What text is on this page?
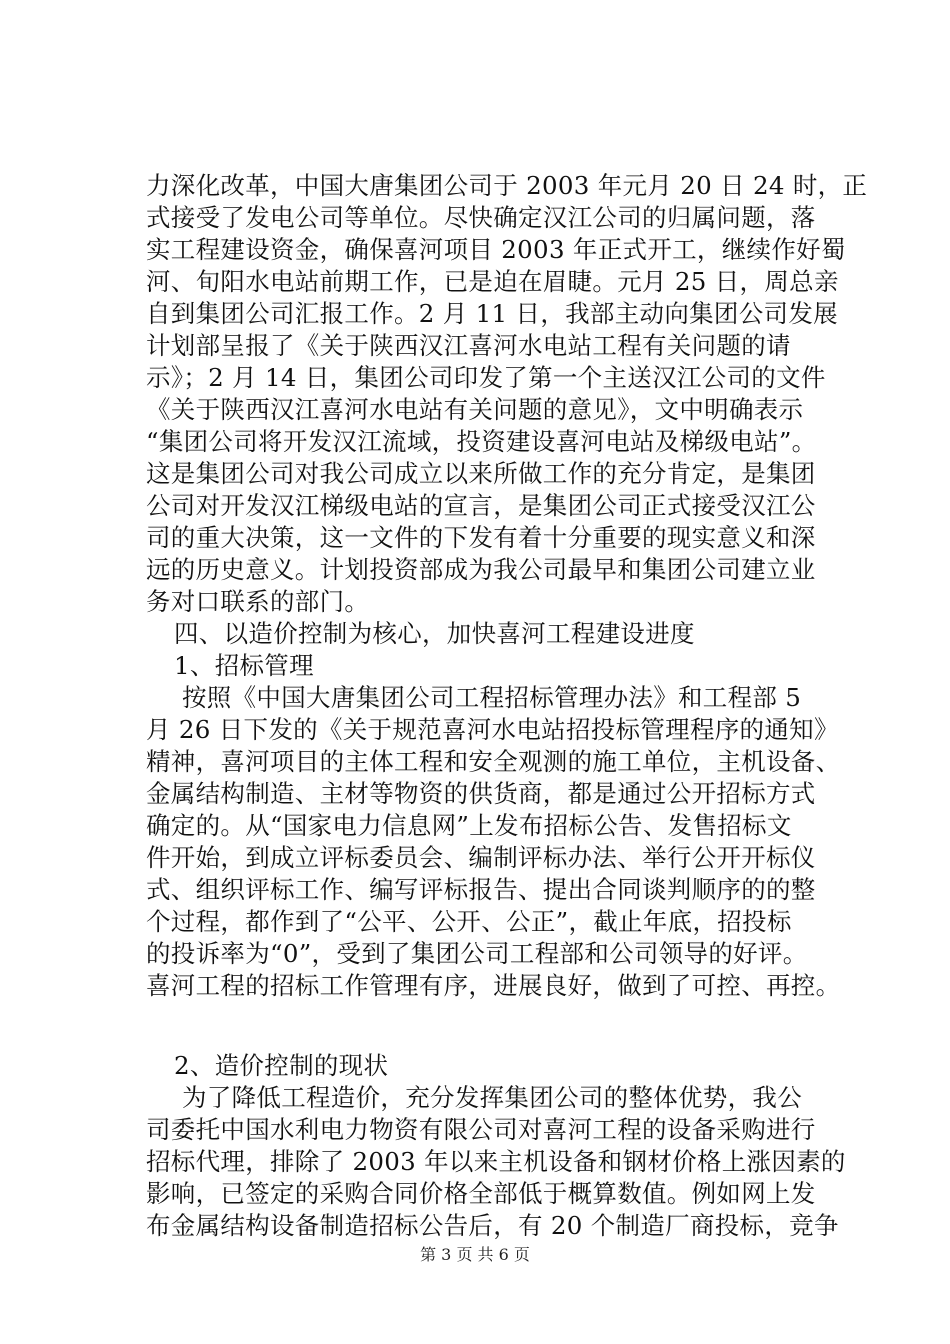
力深化改革，中国大唐集团公司于 2003 年元月 20 日 24 时，正
式接受了发电公司等单位。尽快确定汉江公司的归属问题，落
实工程建设资金，确保喜河项目 2003 年正式开工，继续作好蜀
河、旬阳水电站前期工作，已是迫在眉睫。元月 25 日，周总亲
自到集团公司汇报工作。2 月 11 日，我部主动向集团公司发展
计划部呈报了《关于陕西汉江喜河水电站工程有关问题的请
示》；2 月 14 日，集团公司印发了第一个主送汉江公司的文件
《关于陕西汉江喜河水电站有关问题的意见》，文中明确表示
“集团公司将开发汉江流域，投资建设喜河电站及梯级电站”。
这是集团公司对我公司成立以来所做工作的充分肯定，是集团
公司对开发汉江梯级电站的宣言，是集团公司正式接受汉江公
司的重大决策，这一文件的下发有着十分重要的现实意义和深
远的历史意义。计划投资部成为我公司最早和集团公司建立业
务对口联系的部门。
四、以造价控制为核心，加快喜河工程建设进度
1、招标管理
按照《中国大唐集团公司工程招标管理办法》和工程部 5
月 26 日下发的《关于规范喜河水电站招投标管理程序的通知》
精神，喜河项目的主体工程和安全观测的施工单位，主机设备、
金属结构制造、主材等物资的供货商，都是通过公开招标方式
确定的。从“国家电力信息网”上发布招标公告、发售招标文
件开始，到成立评标委员会、编制评标办法、举行公开开标仪
式、组织评标工作、编写评标报告、提出合同谈判顺序的的整
个过程，都作到了“公平、公开、公正”，截止年底，招投标
的投诉率为“0”，受到了集团公司工程部和公司领导的好评。
喜河工程的招标工作管理有序，进展良好，做到了可控、再控。
2、造价控制的现状
为了降低工程造价，充分发挥集团公司的整体优势，我公
司委托中国水利电力物资有限公司对喜河工程的设备采购进行
招标代理，排除了 2003 年以来主机设备和钢材价格上涨因素的
影响，已签定的采购合同价格全部低于概算数值。例如网上发
布金属结构设备制造招标公告后，有 20 个制造厂商投标，竞争
第 3 页 共 6 页
